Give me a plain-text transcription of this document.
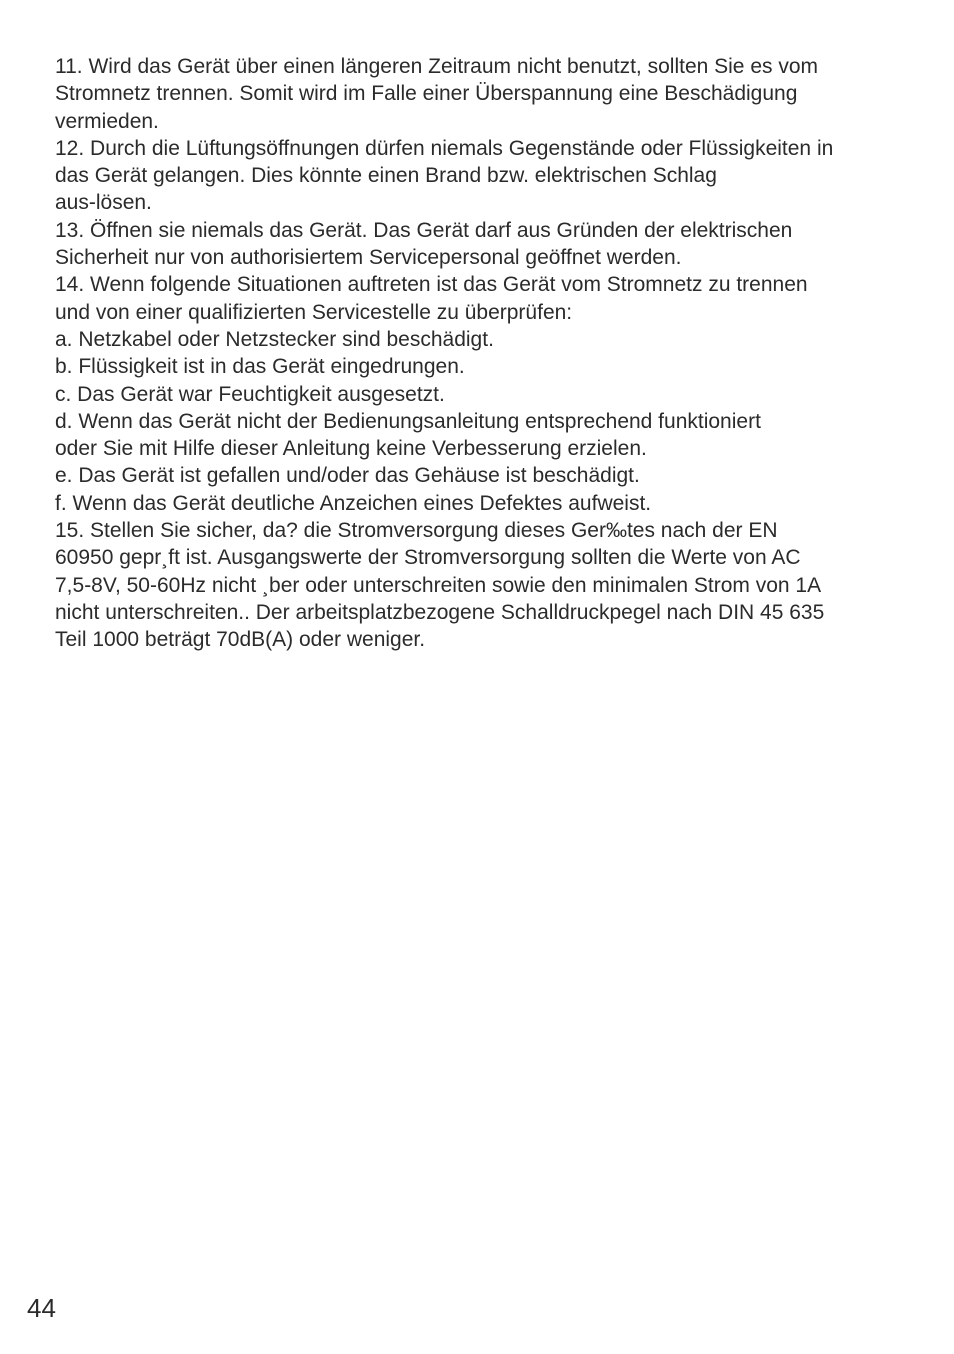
11. Wird das Gerät über einen längeren Zeitraum nicht benutzt, sollten Sie es vom
Stromnetz trennen. Somit wird im Falle einer Überspannung eine Beschädigung
vermieden.
12. Durch die Lüftungsöffnungen dürfen niemals Gegenstände oder Flüssigkeiten in
das Gerät gelangen. Dies könnte einen Brand bzw. elektrischen Schlag
aus-lösen.
13. Öffnen sie niemals das Gerät. Das Gerät darf aus Gründen der elektrischen
Sicherheit nur von authorisiertem Servicepersonal geöffnet werden.
14. Wenn folgende Situationen auftreten ist das Gerät vom Stromnetz zu trennen
und von einer qualifizierten Servicestelle zu überprüfen:
a. Netzkabel oder Netzstecker sind beschädigt.
b. Flüssigkeit ist in das Gerät eingedrungen.
c. Das Gerät war Feuchtigkeit ausgesetzt.
d. Wenn das Gerät nicht der Bedienungsanleitung entsprechend funktioniert
oder Sie mit Hilfe dieser Anleitung keine Verbesserung erzielen.
e. Das Gerät ist gefallen und/oder das Gehäuse ist beschädigt.
f. Wenn das Gerät deutliche Anzeichen eines Defektes aufweist.
15. Stellen Sie sicher, da? die Stromversorgung dieses Ger‰tes nach der EN
60950 gepr¸ft ist. Ausgangswerte der Stromversorgung sollten die Werte von AC
7,5-8V, 50-60Hz nicht ¸ber oder unterschreiten sowie den minimalen Strom von 1A
nicht unterschreiten.. Der arbeitsplatzbezogene Schalldruckpegel nach DIN 45 635
Teil 1000 beträgt 70dB(A) oder weniger.
44
